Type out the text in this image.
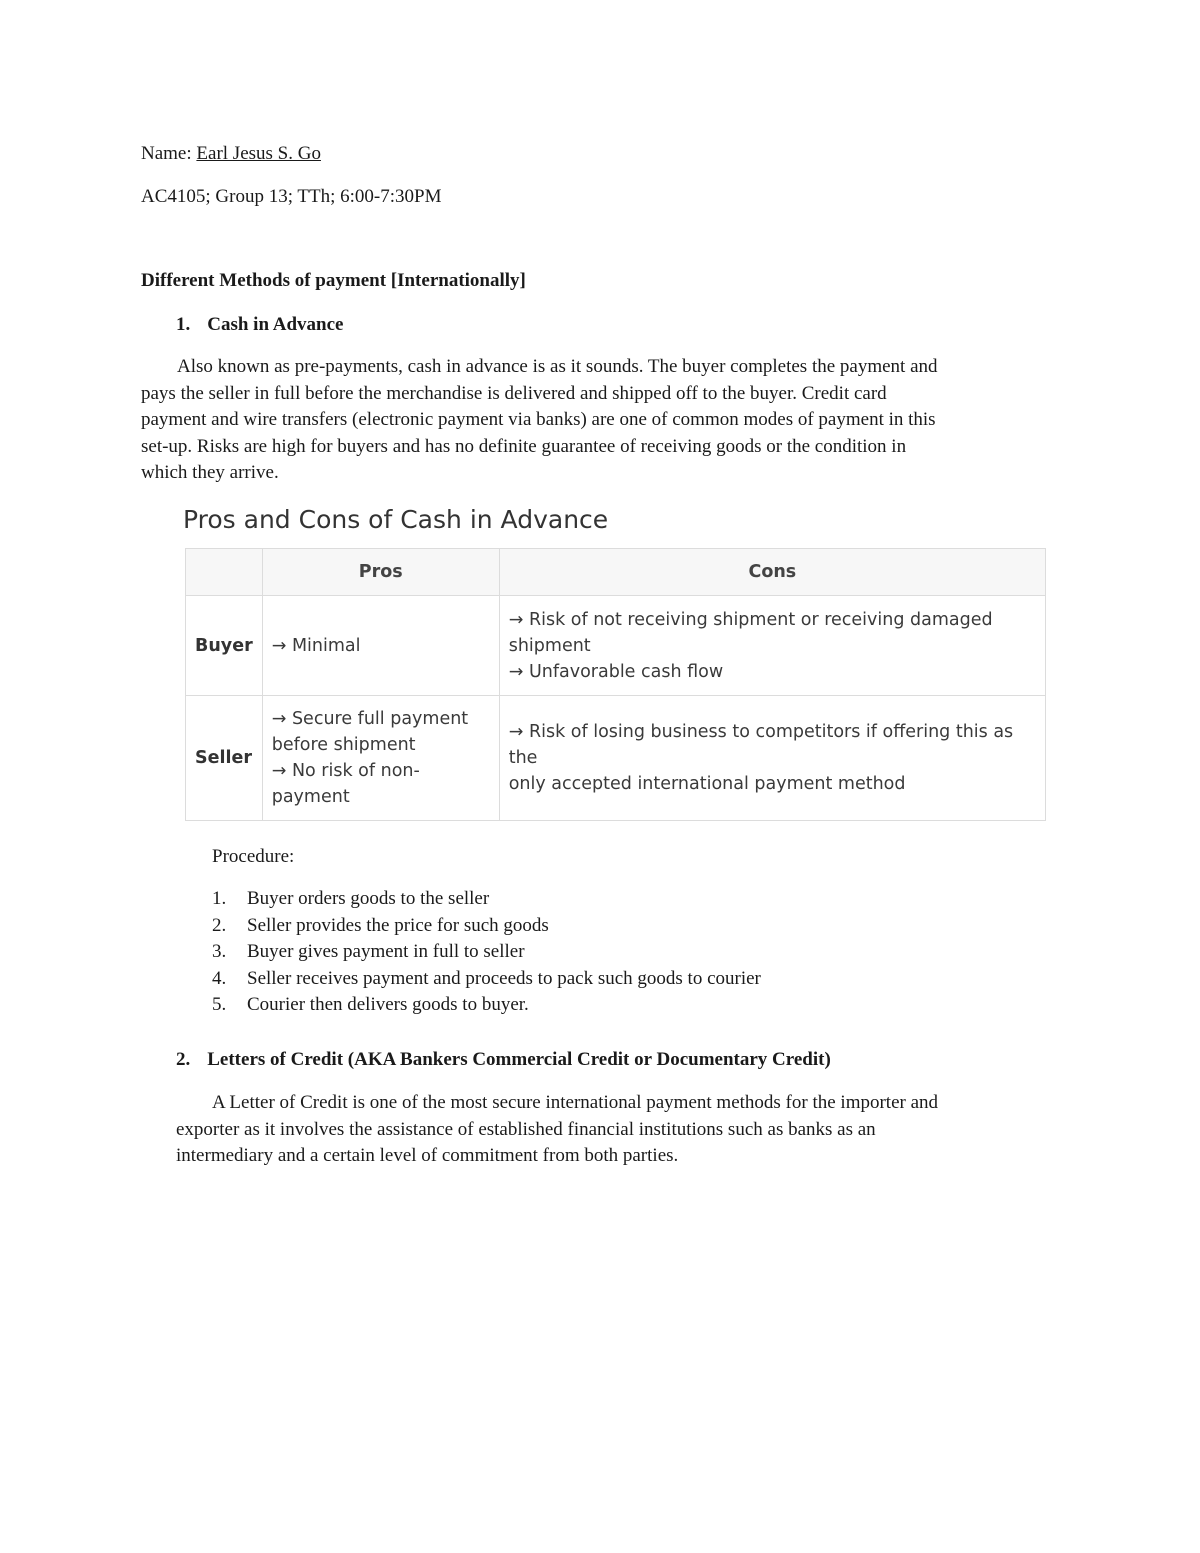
Name: Earl Jesus S. Go
AC4105; Group 13; TTh; 6:00-7:30PM
Different Methods of payment [Internationally]
1. Cash in Advance
Also known as pre-payments, cash in advance is as it sounds. The buyer completes the payment and
pays the seller in full before the merchandise is delivered and shipped off to the buyer. Credit card
payment and wire transfers (electronic payment via banks) are one of common modes of payment in this
set-up. Risks are high for buyers and has no definite guarantee of receiving goods or the condition in
which they arrive.
Pros and Cons of Cash in Advance
	Pros	Cons
Buyer	→ Minimal	→ Risk of not receiving shipment or receiving damaged
shipment
→ Unfavorable cash flow

Seller	→ Secure full payment
before shipment
→ No risk of non-
payment	→ Risk of losing business to competitors if offering this as the
only accepted international payment method
Procedure:
1. Buyer orders goods to the seller
2. Seller provides the price for such goods
3. Buyer gives payment in full to seller
4. Seller receives payment and proceeds to pack such goods to courier
5. Courier then delivers goods to buyer.
2. Letters of Credit (AKA Bankers Commercial Credit or Documentary Credit)
A Letter of Credit is one of the most secure international payment methods for the importer and
exporter as it involves the assistance of established financial institutions such as banks as an
intermediary and a certain level of commitment from both parties.
